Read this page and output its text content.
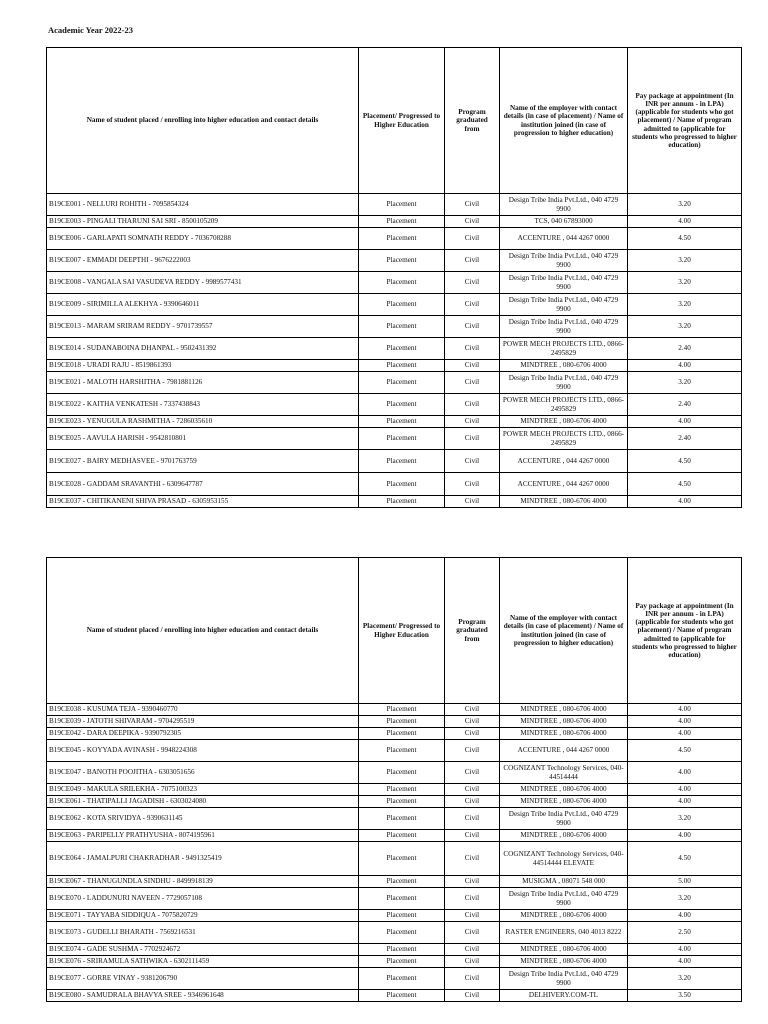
Academic Year 2022-23
Name of student placed / enrolling into higher education and contact details	Placement/ Progressed to Higher Education	Program graduated from	Name of the employer with contact details (in case of placement) / Name of institution joined (in case of progression to higher education)	Pay package at appointment (In INR per annum - in LPA) (applicable for students who got placement) / Name of program admitted to (applicable for students who progressed to higher education)
B19CE001 - NELLURI ROHITH - 7095854324	Placement	Civil	Design Tribe India Pvt.Ltd., 040 4729 9900	3.20
B19CE003 - PINGALI THARUNI SAI SRI - 8500105209	Placement	Civil	TCS, 040 67893000	4.00
B19CE006 - GARLAPATI SOMNATH REDDY - 7036708288	Placement	Civil	ACCENTURE , 044 4267 0000	4.50
B19CE007 - EMMADI DEEPTHI - 9676222003	Placement	Civil	Design Tribe India Pvt.Ltd., 040 4729 9900	3.20
B19CE008 - VANGALA SAI VASUDEVA REDDY - 9989577431	Placement	Civil	Design Tribe India Pvt.Ltd., 040 4729 9900	3.20
B19CE009 - SIRIMILLA ALEKHYA - 9390646011	Placement	Civil	Design Tribe India Pvt.Ltd., 040 4729 9900	3.20
B19CE013 - MARAM SRIRAM REDDY - 9701739557	Placement	Civil	Design Tribe India Pvt.Ltd., 040 4729 9900	3.20
B19CE014 - SUDANABOINA DHANPAL - 9502431392	Placement	Civil	POWER MECH PROJECTS LTD., 0866-2495829	2.40
B19CE018 - URADI RAJU - 8519861393	Placement	Civil	MINDTREE , 080-6706 4000	4.00
B19CE021 - MALOTH HARSHITHA - 7981881126	Placement	Civil	Design Tribe India Pvt.Ltd., 040 4729 9900	3.20
B19CE022 - KAITHA VENKATESH - 7337438843	Placement	Civil	POWER MECH PROJECTS LTD., 0866-2495829	2.40
B19CE023 - YENUGULA RASHMITHA - 7286035610	Placement	Civil	MINDTREE , 080-6706 4000	4.00
B19CE025 - AAVULA HARISH - 9542810801	Placement	Civil	POWER MECH PROJECTS LTD., 0866-2495829	2.40
B19CE027 - BAIRY MEDHASVEE - 9701763759	Placement	Civil	ACCENTURE , 044 4267 0000	4.50
B19CE028 - GADDAM SRAVANTHI - 6309647787	Placement	Civil	ACCENTURE , 044 4267 0000	4.50
B19CE037 - CHITIKANENI SHIVA PRASAD - 6305953155	Placement	Civil	MINDTREE , 080-6706 4000	4.00
Name of student placed / enrolling into higher education and contact details	Placement/ Progressed to Higher Education	Program graduated from	Name of the employer with contact details (in case of placement) / Name of institution joined (in case of progression to higher education)	Pay package at appointment (In INR per annum - in LPA) (applicable for students who got placement) / Name of program admitted to (applicable for students who progressed to higher education)
B19CE038 - KUSUMA TEJA - 9390460770	Placement	Civil	MINDTREE , 080-6706 4000	4.00
B19CE039 - JATOTH SHIVARAM - 9704295519	Placement	Civil	MINDTREE , 080-6706 4000	4.00
B19CE042 - DARA DEEPIKA - 9390792305	Placement	Civil	MINDTREE , 080-6706 4000	4.00
B19CE045 - KOYYADA AVINASH - 9948224308	Placement	Civil	ACCENTURE , 044 4267 0000	4.50
B19CE047 - BANOTH POOJITHA - 6303051656	Placement	Civil	COGNIZANT Technology Services, 040-44514444	4.00
B19CE049 - MAKULA SRILEKHA - 7075100323	Placement	Civil	MINDTREE , 080-6706 4000	4.00
B19CE061 - THATIPALLI JAGADISH - 6303024080	Placement	Civil	MINDTREE , 080-6706 4000	4.00
B19CE062 - KOTA SRIVIDYA - 9390631145	Placement	Civil	Design Tribe India Pvt.Ltd., 040 4729 9900	3.20
B19CE063 - PARIPELLY PRATHYUSHA - 8074195961	Placement	Civil	MINDTREE , 080-6706 4000	4.00
B19CE064 - JAMALPURI CHAKRADHAR - 9491325419	Placement	Civil	COGNIZANT Technology Services, 040-44514444 ELEVATE	4.50
B19CE067 - THANUGUNDLA SINDHU - 8499918139	Placement	Civil	MUSIGMA , 08071 548 000	5.00
B19CE070 - LADDUNURI NAVEEN - 7729057108	Placement	Civil	Design Tribe India Pvt.Ltd., 040 4729 9900	3.20
B19CE071 - TAYYABA SIDDIQUA - 7075820729	Placement	Civil	MINDTREE , 080-6706 4000	4.00
B19CE073 - GUDELLI BHARATH - 7569216531	Placement	Civil	RASTER ENGINEERS, 040 4013 8222	2.50
B19CE074 - GADE SUSHMA - 7702924672	Placement	Civil	MINDTREE , 080-6706 4000	4.00
B19CE076 - SRIRAMULA SATHWIKA - 6302111459	Placement	Civil	MINDTREE , 080-6706 4000	4.00
B19CE077 - GORRE VINAY - 9381206790	Placement	Civil	Design Tribe India Pvt.Ltd., 040 4729 9900	3.20
B19CE080 - SAMUDRALA BHAVYA SREE - 9346961648	Placement	Civil	DELHIVERY.COM-TL	3.50
